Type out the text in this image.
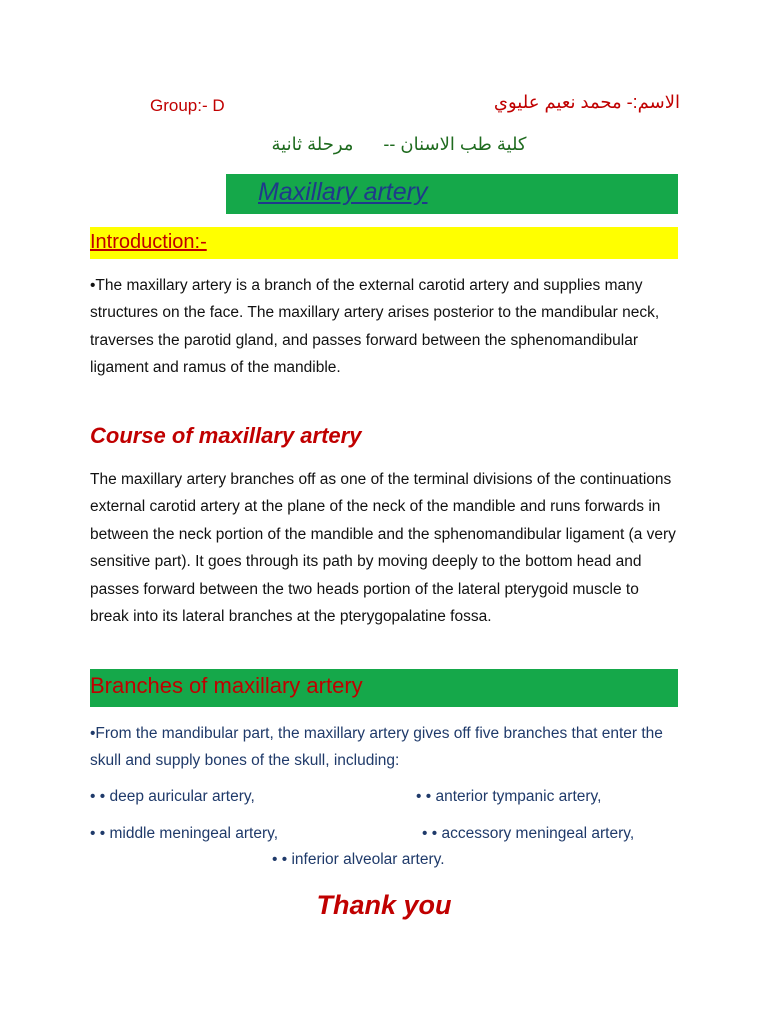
Group:- D	الاسم:- محمد نعيم عليوي
كلية طب الاسنان --مرحلة ثانية
Maxillary artery
Introduction:-
•The maxillary artery is a branch of the external carotid artery and supplies many structures on the face. The maxillary artery arises posterior to the mandibular neck, traverses the parotid gland, and passes forward between the sphenomandibular ligament and ramus of the mandible.
Course of maxillary artery
The maxillary artery branches off as one of the terminal divisions of the continuations external carotid artery at the plane of the neck of the mandible and runs forwards in between the neck portion of the mandible and the sphenomandibular ligament (a very sensitive part). It goes through its path by moving deeply to the bottom head and passes forward between the two heads portion of the lateral pterygoid muscle to break into its lateral branches at the pterygopalatine fossa.
Branches of maxillary artery
•From the mandibular part, the maxillary artery gives off five branches that enter the skull and supply bones of the skull, including:
• • deep auricular artery,	• • anterior tympanic artery,
• • middle meningeal artery,	• • accessory meningeal artery,
• • inferior alveolar artery.
Thank you
